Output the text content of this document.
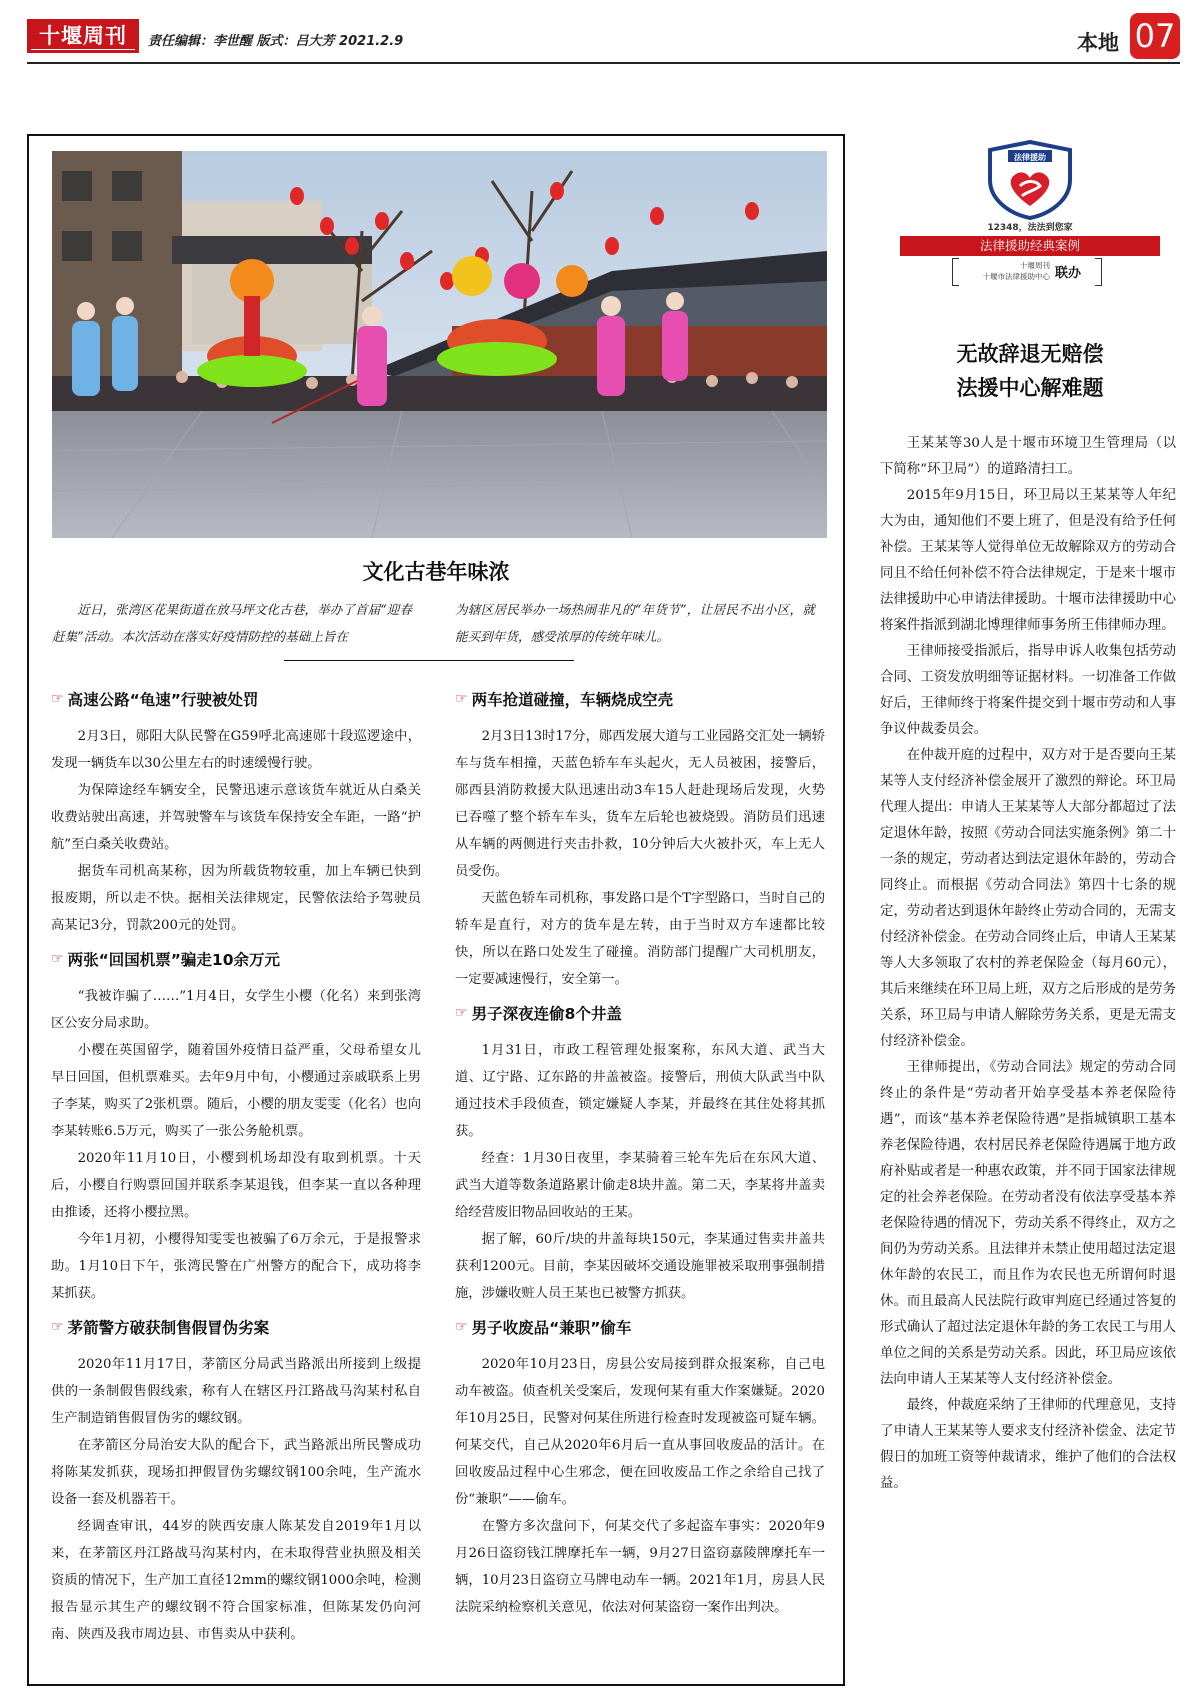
十堰周刊	责任编辑：李世醒 版式：吕大芳 2021.2.9	本地 07
文化古巷年味浓
近日，张湾区花果街道在放马坪文化古巷，举办了首届“迎春赶集”活动。本次活动在落实好疫情防控的基础上旨在
为辖区居民举办一场热闹非凡的“年货节”，让居民不出小区，就能买到年货，感受浓厚的传统年味儿。
☞ 高速公路“龟速”行驶被处罚

2月3日，郧阳大队民警在G59呼北高速郧十段巡逻途中，发现一辆货车以30公里左右的时速缓慢行驶。

为保障途经车辆安全，民警迅速示意该货车就近从白桑关收费站驶出高速，并驾驶警车与该货车保持安全车距，一路“护航”至白桑关收费站。

据货车司机高某称，因为所载货物较重，加上车辆已快到报废期，所以走不快。据相关法律规定，民警依法给予驾驶员高某记3分，罚款200元的处罚。

☞ 两张“回国机票”骗走10余万元

“我被诈骗了……”1月4日，女学生小樱（化名）来到张湾区公安分局求助。

小樱在英国留学，随着国外疫情日益严重，父母希望女儿早日回国，但机票难买。去年9月中旬，小樱通过亲戚联系上男子李某，购买了2张机票。随后，小樱的朋友雯雯（化名）也向李某转账6.5万元，购买了一张公务舱机票。

2020年11月10日，小樱到机场却没有取到机票。十天后，小樱自行购票回国并联系李某退钱，但李某一直以各种理由推诿，还将小樱拉黑。

今年1月初，小樱得知雯雯也被骗了6万余元，于是报警求助。1月10日下午，张湾民警在广州警方的配合下，成功将李某抓获。

☞ 茅箭警方破获制售假冒伪劣案

2020年11月17日，茅箭区分局武当路派出所接到上级提供的一条制假售假线索，称有人在辖区丹江路战马沟某村私自生产制造销售假冒伪劣的螺纹钢。

在茅箭区分局治安大队的配合下，武当路派出所民警成功将陈某发抓获，现场扣押假冒伪劣螺纹钢100余吨，生产流水设备一套及机器若干。

经调查审讯，44岁的陕西安康人陈某发自2019年1月以来，在茅箭区丹江路战马沟某村内，在未取得营业执照及相关资质的情况下，生产加工直径12mm的螺纹钢1000余吨，检测报告显示其生产的螺纹钢不符合国家标准，但陈某发仍向河南、陕西及我市周边县、市售卖从中获利。

☞ 两车抢道碰撞，车辆烧成空壳

2月3日13时17分，郧西发展大道与工业园路交汇处一辆轿车与货车相撞，天蓝色轿车车头起火，无人员被困，接警后，郧西县消防救援大队迅速出动3车15人赶赴现场后发现，火势已吞噬了整个轿车车头，货车左后轮也被烧毁。消防员们迅速从车辆的两侧进行夹击扑救，10分钟后大火被扑灭，车上无人员受伤。

天蓝色轿车司机称，事发路口是个T字型路口，当时自己的轿车是直行，对方的货车是左转，由于当时双方车速都比较快，所以在路口处发生了碰撞。消防部门提醒广大司机朋友，一定要减速慢行，安全第一。

☞ 男子深夜连偷8个井盖

1月31日，市政工程管理处报案称，东风大道、武当大道、辽宁路、辽东路的井盖被盗。接警后，刑侦大队武当中队通过技术手段侦查，锁定嫌疑人李某，并最终在其住处将其抓获。

经查：1月30日夜里，李某骑着三轮车先后在东风大道、武当大道等数条道路累计偷走8块井盖。第二天，李某将井盖卖给经营废旧物品回收站的王某。

据了解，60斤/块的井盖每块150元，李某通过售卖井盖共获利1200元。目前，李某因破坏交通设施罪被采取刑事强制措施，涉嫌收赃人员王某也已被警方抓获。

☞ 男子收废品“兼职”偷车

2020年10月23日，房县公安局接到群众报案称，自己电动车被盗。侦查机关受案后，发现何某有重大作案嫌疑。2020年10月25日，民警对何某住所进行检查时发现被盗可疑车辆。何某交代，自己从2020年6月后一直从事回收废品的活计。在回收废品过程中心生邪念，便在回收废品工作之余给自己找了份“兼职”——偷车。

在警方多次盘问下，何某交代了多起盗车事实：2020年9月26日盗窃钱江牌摩托车一辆，9月27日盗窃嘉陵牌摩托车一辆，10月23日盗窃立马牌电动车一辆。2021年1月，房县人民法院采纳检察机关意见，依法对何某盗窃一案作出判决。

法律援助
12348，法法到您家
法律援助经典案例
十堰周刊
十堰市法律援助中心 联办
无故辞退无赔偿
法援中心解难题

王某某等30人是十堰市环境卫生管理局（以下简称“环卫局”）的道路清扫工。

2015年9月15日，环卫局以王某某等人年纪大为由，通知他们不要上班了，但是没有给予任何补偿。王某某等人觉得单位无故解除双方的劳动合同且不给任何补偿不符合法律规定，于是来十堰市法律援助中心申请法律援助。十堰市法律援助中心将案件指派到湖北博理律师事务所王伟律师办理。

王律师接受指派后，指导申诉人收集包括劳动合同、工资发放明细等证据材料。一切准备工作做好后，王律师终于将案件提交到十堰市劳动和人事争议仲裁委员会。

在仲裁开庭的过程中，双方对于是否要向王某某等人支付经济补偿金展开了激烈的辩论。环卫局代理人提出：申请人王某某等人大部分都超过了法定退休年龄，按照《劳动合同法实施条例》第二十一条的规定，劳动者达到法定退休年龄的，劳动合同终止。而根据《劳动合同法》第四十七条的规定，劳动者达到退休年龄终止劳动合同的，无需支付经济补偿金。在劳动合同终止后，申请人王某某等人大多领取了农村的养老保险金（每月60元），其后来继续在环卫局上班，双方之后形成的是劳务关系，环卫局与申请人解除劳务关系，更是无需支付经济补偿金。

王律师提出，《劳动合同法》规定的劳动合同终止的条件是“劳动者开始享受基本养老保险待遇”，而该“基本养老保险待遇”是指城镇职工基本养老保险待遇，农村居民养老保险待遇属于地方政府补贴或者是一种惠农政策，并不同于国家法律规定的社会养老保险。在劳动者没有依法享受基本养老保险待遇的情况下，劳动关系不得终止，双方之间仍为劳动关系。且法律并未禁止使用超过法定退休年龄的农民工，而且作为农民也无所谓何时退休。而且最高人民法院行政审判庭已经通过答复的形式确认了超过法定退休年龄的务工农民工与用人单位之间的关系是劳动关系。因此，环卫局应该依法向申请人王某某等人支付经济补偿金。

最终，仲裁庭采纳了王律师的代理意见，支持了申请人王某某等人要求支付经济补偿金、法定节假日的加班工资等仲裁请求，维护了他们的合法权益。
